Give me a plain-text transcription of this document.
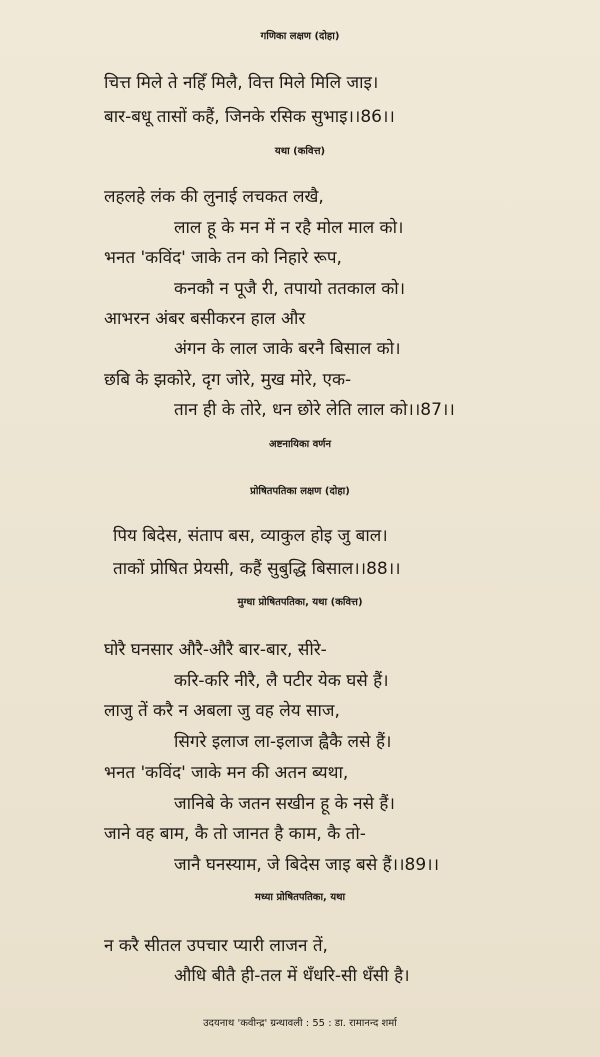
गणिका लक्षण (दोहा)
चित्त मिले ते नहिँ मिलै, वित्त मिले मिलि जाइ।
बार-बधू तासों कहैं, जिनके रसिक सुभाइ।।86।।
यथा (कवित्त)
लहलहे लंक की लुनाई लचकत लखै,
लाल हू के मन में न रहै मोल माल को।
भनत 'कविंद' जाके तन को निहारे रूप,
कनकौ न पूजै री, तपायो ततकाल को।
आभरन अंबर बसीकरन हाल और
अंगन के लाल जाके बरनै बिसाल को।
छबि के झकोरे, दृग जोरे, मुख मोरे, एक-
तान ही के तोरे, धन छोरे लेति लाल को।।87।।
अष्टनायिका वर्णन
प्रोषितपतिका लक्षण (दोहा)
पिय बिदेस, संताप बस, व्याकुल होइ जु बाल।
ताकों प्रोषित प्रेयसी, कहैं सुबुद्धि बिसाल।।88।।
मुग्धा प्रोषितपतिका, यथा (कवित्त)
घोरै घनसार औरै-औरै बार-बार, सीरे-
करि-करि नीरै, लै पटीर येक घसे हैं।
लाजु तें करै न अबला जु वह लेय साज,
सिगरे इलाज ला-इलाज ह्वैकै लसे हैं।
भनत 'कविंद' जाके मन की अतन ब्यथा,
जानिबे के जतन सखीन हू के नसे हैं।
जाने वह बाम, कै तो जानत है काम, कै तो-
जानै घनस्याम, जे बिदेस जाइ बसे हैं।।89।।
मध्या प्रोषितपतिका, यथा
न करै सीतल उपचार प्यारी लाजन तें,
औधि बीतै ही-तल में धँधरि-सी धँसी है।
उदयनाथ 'कवीन्द्र' ग्रन्थावली : 55 : डा. रामानन्द शर्मा
